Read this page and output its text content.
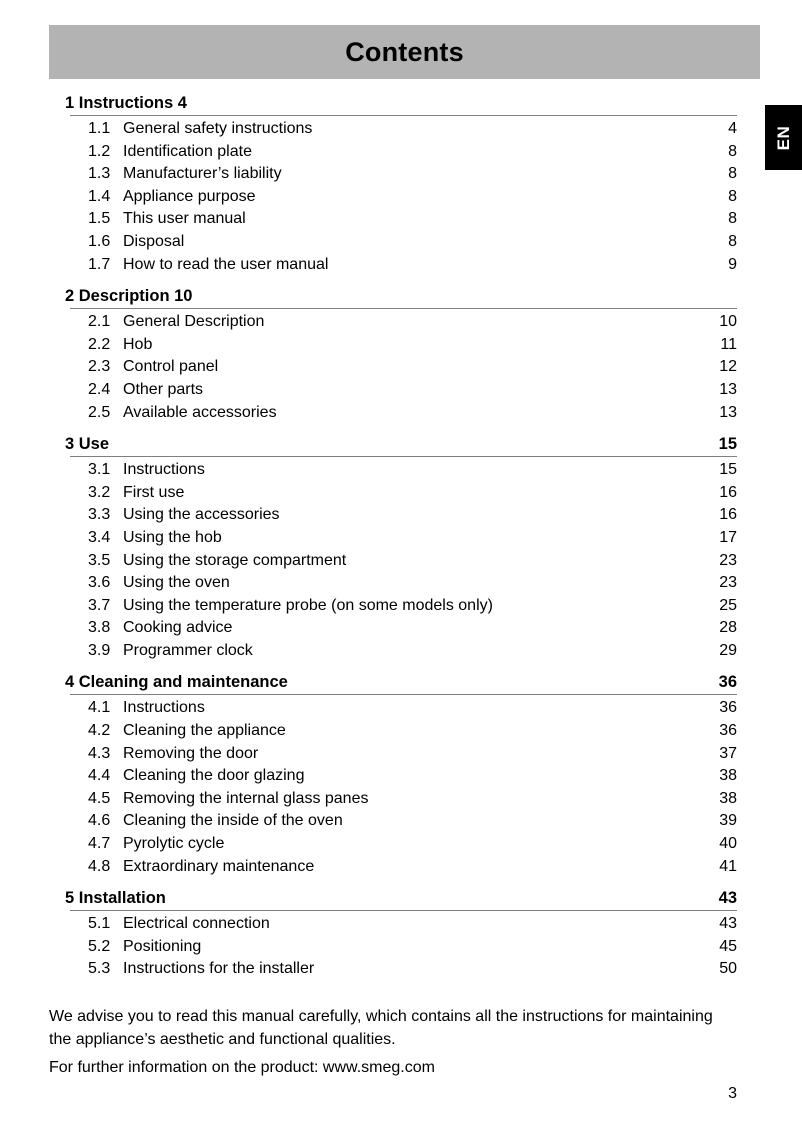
Contents
EN
1 Instructions 4
1.1 General safety instructions	4
1.2 Identification plate	8
1.3 Manufacturer’s liability	8
1.4 Appliance purpose	8
1.5 This user manual	8
1.6 Disposal	8
1.7 How to read the user manual	9
2 Description 10
2.1 General Description	10
2.2 Hob	11
2.3 Control panel	12
2.4 Other parts	13
2.5 Available accessories	13
3 Use	15
3.1 Instructions	15
3.2 First use	16
3.3 Using the accessories	16
3.4 Using the hob	17
3.5 Using the storage compartment	23
3.6 Using the oven	23
3.7 Using the temperature probe (on some models only)	25
3.8 Cooking advice	28
3.9 Programmer clock	29
4 Cleaning and maintenance	36
4.1 Instructions	36
4.2 Cleaning the appliance	36
4.3 Removing the door	37
4.4 Cleaning the door glazing	38
4.5 Removing the internal glass panes	38
4.6 Cleaning the inside of the oven	39
4.7 Pyrolytic cycle	40
4.8 Extraordinary maintenance	41
5 Installation	43
5.1 Electrical connection	43
5.2 Positioning	45
5.3 Instructions for the installer	50

We advise you to read this manual carefully, which contains all the instructions for maintaining the appliance’s aesthetic and functional qualities.

For further information on the product: www.smeg.com

3
